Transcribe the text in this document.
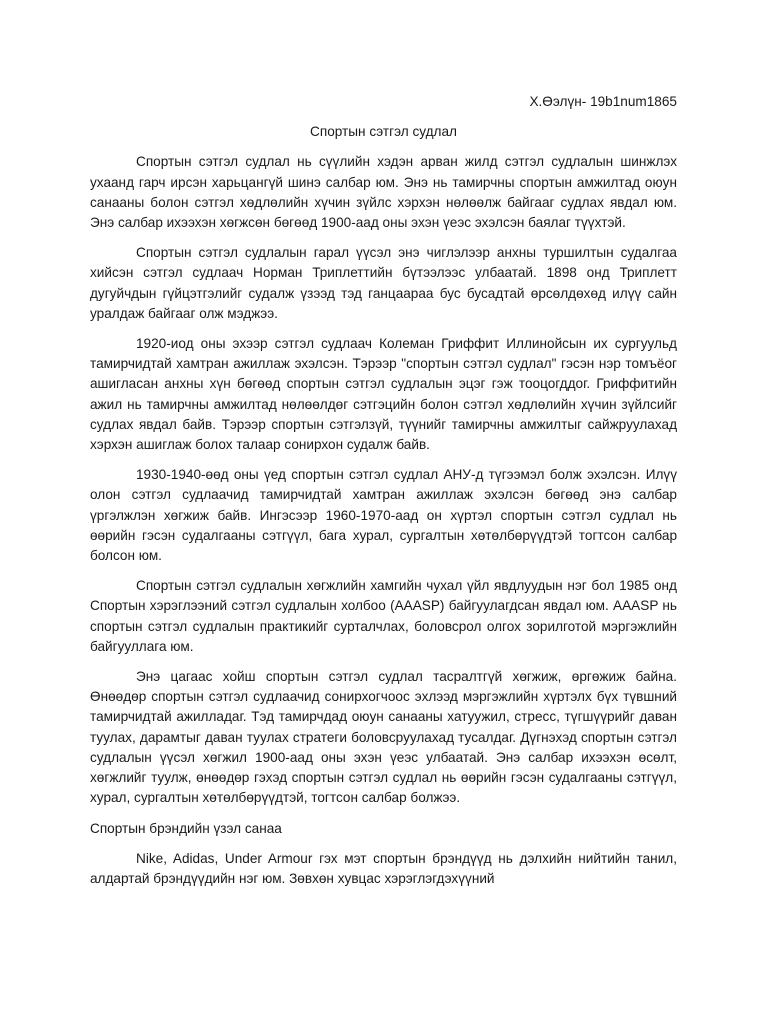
Х.Өэлүн- 19b1num1865

Спортын сэтгэл судлал

Спортын сэтгэл судлал нь сүүлийн хэдэн арван жилд сэтгэл судлалын шинжлэх ухаанд гарч ирсэн харьцангүй шинэ салбар юм. Энэ нь тамирчны спортын амжилтад оюун санааны болон сэтгэл хөдлөлийн хүчин зүйлс хэрхэн нөлөөлж байгааг судлах явдал юм. Энэ салбар ихээхэн хөгжсөн бөгөөд 1900-аад оны эхэн үеэс эхэлсэн баялаг түүхтэй.

Спортын сэтгэл судлалын гарал үүсэл энэ чиглэлээр анхны туршилтын судалгаа хийсэн сэтгэл судлаач Норман Триплеттийн бүтээлээс улбаатай. 1898 онд Триплетт дугуйчдын гүйцэтгэлийг судалж үзээд тэд ганцаараа бус бусадтай өрсөлдөхөд илүү сайн уралдаж байгааг олж мэджээ.

1920-иод оны эхээр сэтгэл судлаач Колеман Гриффит Иллинойсын их сургуульд тамирчидтай хамтран ажиллаж эхэлсэн. Тэрээр "спортын сэтгэл судлал" гэсэн нэр томъёог ашигласан анхны хүн бөгөөд спортын сэтгэл судлалын эцэг гэж тооцогддог. Гриффитийн ажил нь тамирчны амжилтад нөлөөлдөг сэтгэцийн болон сэтгэл хөдлөлийн хүчин зүйлсийг судлах явдал байв. Тэрээр спортын сэтгэлзүй, түүнийг тамирчны амжилтыг сайжруулахад хэрхэн ашиглаж болох талаар сонирхон судалж байв.

1930-1940-өөд оны үед спортын сэтгэл судлал АНУ-д түгээмэл болж эхэлсэн. Илүү олон сэтгэл судлаачид тамирчидтай хамтран ажиллаж эхэлсэн бөгөөд энэ салбар үргэлжлэн хөгжиж байв. Ингэсээр 1960-1970-аад он хүртэл спортын сэтгэл судлал нь өөрийн гэсэн судалгааны сэтгүүл, бага хурал, сургалтын хөтөлбөрүүдтэй тогтсон салбар болсон юм.

Спортын сэтгэл судлалын хөгжлийн хамгийн чухал үйл явдлуудын нэг бол 1985 онд Спортын хэрэглээний сэтгэл судлалын холбоо (AAASP) байгуулагдсан явдал юм. AAASP нь спортын сэтгэл судлалын практикийг сурталчлах, боловсрол олгох зорилготой мэргэжлийн байгууллага юм.

Энэ цагаас хойш спортын сэтгэл судлал тасралтгүй хөгжиж, өргөжиж байна. Өнөөдөр спортын сэтгэл судлаачид сонирхогчоос эхлээд мэргэжлийн хүртэлх бүх түвшний тамирчидтай ажилладаг. Тэд тамирчдад оюун санааны хатуужил, стресс, түгшүүрийг даван туулах, дарамтыг даван туулах стратеги боловсруулахад тусалдаг. Дүгнэхэд спортын сэтгэл судлалын үүсэл хөгжил 1900-аад оны эхэн үеэс улбаатай. Энэ салбар ихээхэн өсөлт, хөгжлийг туулж, өнөөдөр гэхэд спортын сэтгэл судлал нь өөрийн гэсэн судалгааны сэтгүүл, хурал, сургалтын хөтөлбөрүүдтэй, тогтсон салбар болжээ.

Спортын брэндийн үзэл санаа

Nike, Adidas, Under Armour гэх мэт спортын брэндүүд нь дэлхийн нийтийн танил, алдартай брэндүүдийн нэг юм. Зөвхөн хувцас хэрэглэгдэхүүний
